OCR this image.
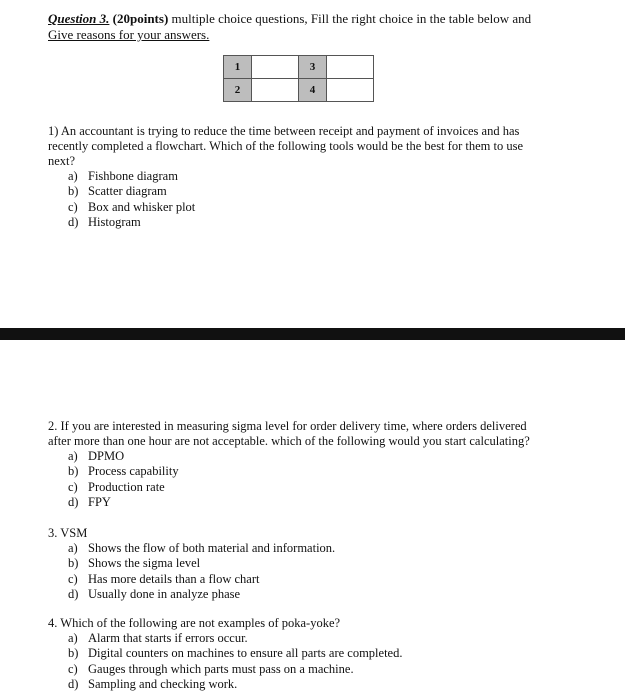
Question 3. (20points) multiple choice questions, Fill the right choice in the table below and
Give reasons for your answers.
1		3	
2		4	
1) An accountant is trying to reduce the time between receipt and payment of invoices and has
recently completed a flowchart. Which of the following tools would be the best for them to use
next?
a) Fishbone diagram
b) Scatter diagram
c) Box and whisker plot
d) Histogram
2. If you are interested in measuring sigma level for order delivery time, where orders delivered
after more than one hour are not acceptable. which of the following would you start calculating?
a) DPMO
b) Process capability
c) Production rate
d) FPY
3. VSM
a) Shows the flow of both material and information.
b) Shows the sigma level
c) Has more details than a flow chart
d) Usually done in analyze phase
4. Which of the following are not examples of poka-yoke?
a) Alarm that starts if errors occur.
b) Digital counters on machines to ensure all parts are completed.
c) Gauges through which parts must pass on a machine.
d) Sampling and checking work.
